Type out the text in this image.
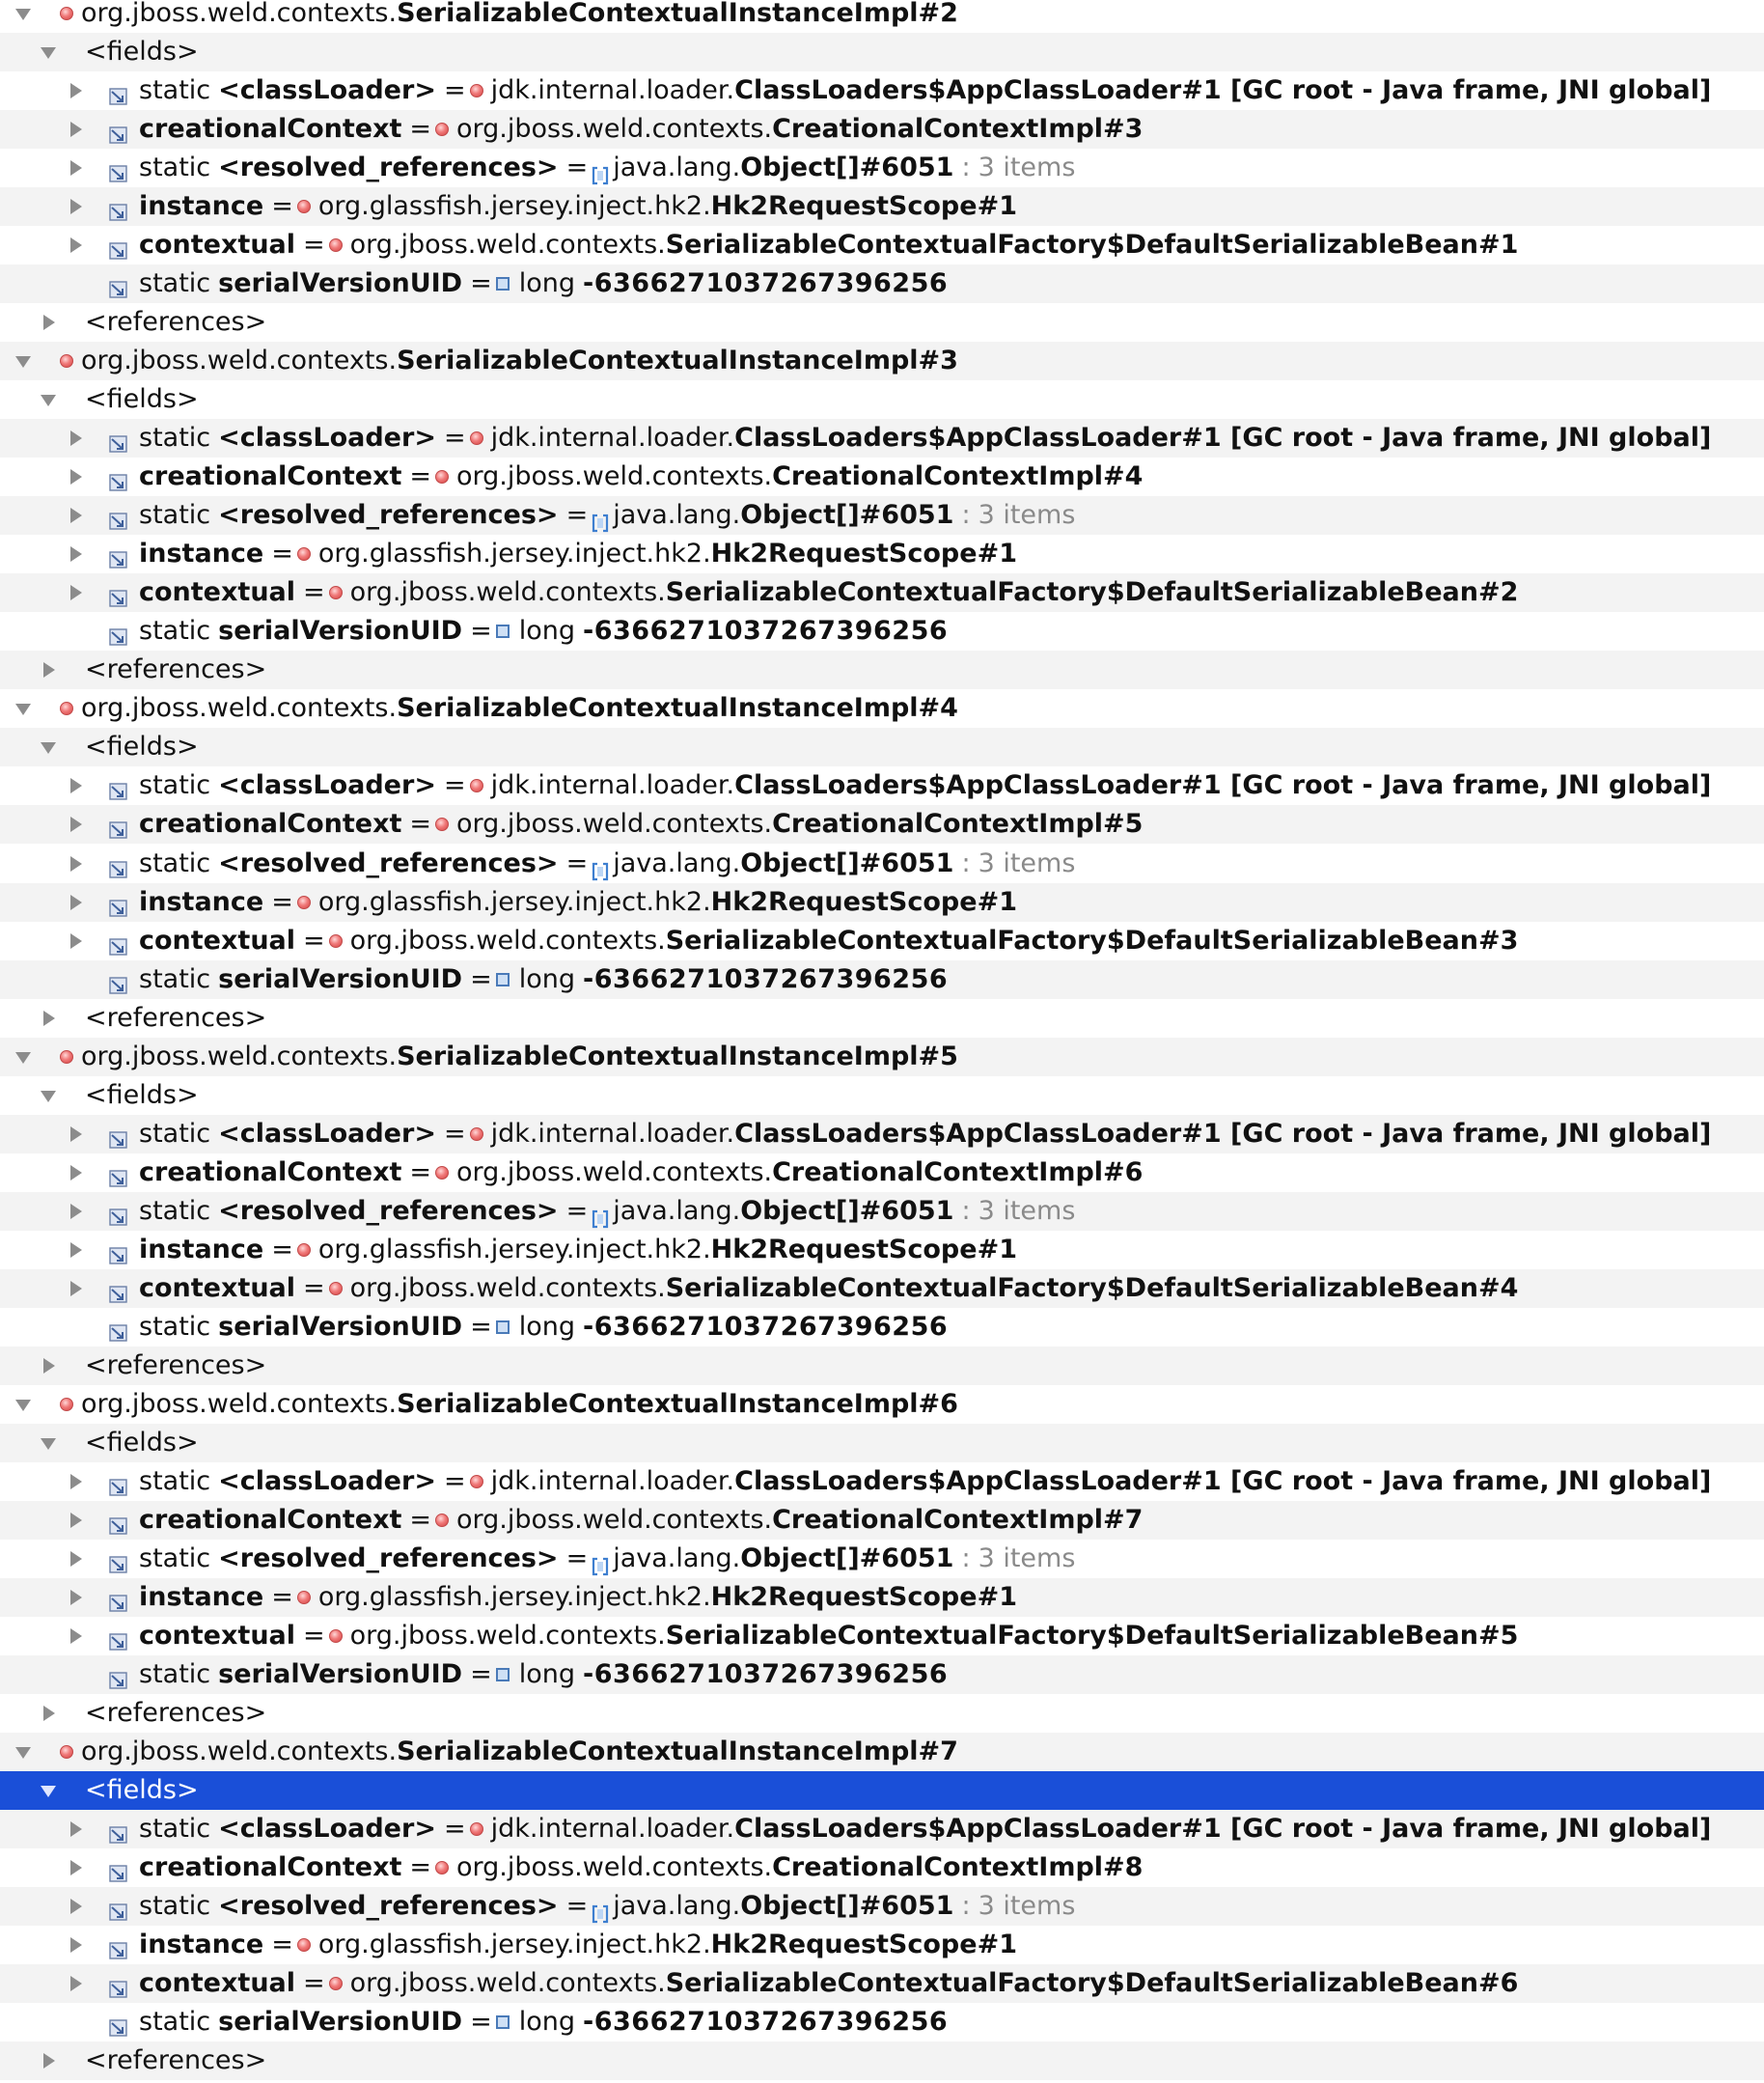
org.jboss.weld.contexts. SerializableContextualInstanceImpl#2
<fields>
static <classLoader> = jdk.internal.loader. ClassLoaders$AppClassLoader#1 [GC root - Java frame, JNI global]
creationalContext = org.jboss.weld.contexts. CreationalContextImpl#3
static <resolved_references> = java.lang. Object[]#6051 : 3 items
instance = org.glassfish.jersey.inject.hk2. Hk2RequestScope#1
contextual = org.jboss.weld.contexts. SerializableContextualFactory$DefaultSerializableBean#1
static serialVersionUID = long -6366271037267396256
<references>
org.jboss.weld.contexts. SerializableContextualInstanceImpl#3
<fields>
static <classLoader> = jdk.internal.loader. ClassLoaders$AppClassLoader#1 [GC root - Java frame, JNI global]
creationalContext = org.jboss.weld.contexts. CreationalContextImpl#4
static <resolved_references> = java.lang. Object[]#6051 : 3 items
instance = org.glassfish.jersey.inject.hk2. Hk2RequestScope#1
contextual = org.jboss.weld.contexts. SerializableContextualFactory$DefaultSerializableBean#2
static serialVersionUID = long -6366271037267396256
<references>
org.jboss.weld.contexts. SerializableContextualInstanceImpl#4
<fields>
static <classLoader> = jdk.internal.loader. ClassLoaders$AppClassLoader#1 [GC root - Java frame, JNI global]
creationalContext = org.jboss.weld.contexts. CreationalContextImpl#5
static <resolved_references> = java.lang. Object[]#6051 : 3 items
instance = org.glassfish.jersey.inject.hk2. Hk2RequestScope#1
contextual = org.jboss.weld.contexts. SerializableContextualFactory$DefaultSerializableBean#3
static serialVersionUID = long -6366271037267396256
<references>
org.jboss.weld.contexts. SerializableContextualInstanceImpl#5
<fields>
static <classLoader> = jdk.internal.loader. ClassLoaders$AppClassLoader#1 [GC root - Java frame, JNI global]
creationalContext = org.jboss.weld.contexts. CreationalContextImpl#6
static <resolved_references> = java.lang. Object[]#6051 : 3 items
instance = org.glassfish.jersey.inject.hk2. Hk2RequestScope#1
contextual = org.jboss.weld.contexts. SerializableContextualFactory$DefaultSerializableBean#4
static serialVersionUID = long -6366271037267396256
<references>
org.jboss.weld.contexts. SerializableContextualInstanceImpl#6
<fields>
static <classLoader> = jdk.internal.loader. ClassLoaders$AppClassLoader#1 [GC root - Java frame, JNI global]
creationalContext = org.jboss.weld.contexts. CreationalContextImpl#7
static <resolved_references> = java.lang. Object[]#6051 : 3 items
instance = org.glassfish.jersey.inject.hk2. Hk2RequestScope#1
contextual = org.jboss.weld.contexts. SerializableContextualFactory$DefaultSerializableBean#5
static serialVersionUID = long -6366271037267396256
<references>
org.jboss.weld.contexts. SerializableContextualInstanceImpl#7
<fields>
static <classLoader> = jdk.internal.loader. ClassLoaders$AppClassLoader#1 [GC root - Java frame, JNI global]
creationalContext = org.jboss.weld.contexts. CreationalContextImpl#8
static <resolved_references> = java.lang. Object[]#6051 : 3 items
instance = org.glassfish.jersey.inject.hk2. Hk2RequestScope#1
contextual = org.jboss.weld.contexts. SerializableContextualFactory$DefaultSerializableBean#6
static serialVersionUID = long -6366271037267396256
<references>
